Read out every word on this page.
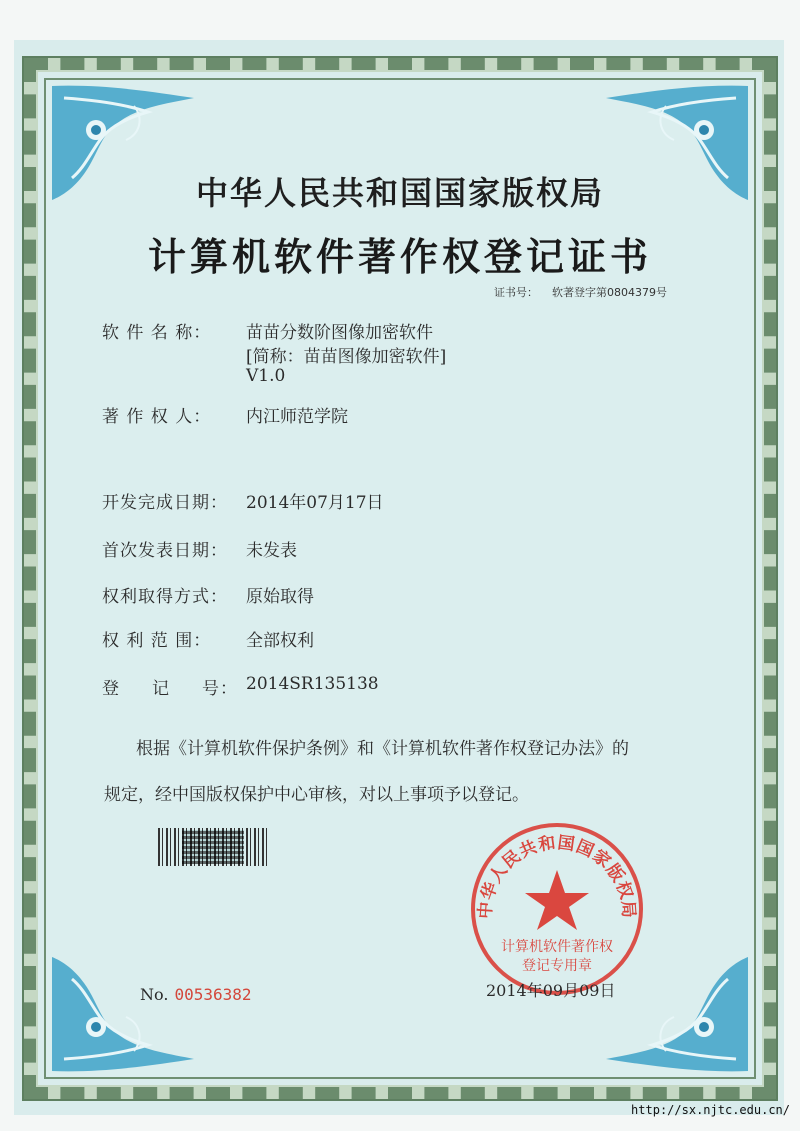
中华人民共和国国家版权局
计算机软件著作权登记证书
证书号： 软著登字第0804379号
软 件 名 称： 苗苗分数阶图像加密软件
[简称：苗苗图像加密软件]
V1.0
著 作 权 人： 内江师范学院
开发完成日期： 2014年07月17日
首次发表日期： 未发表
权利取得方式： 原始取得
权 利 范 围： 全部权利
登     记     号： 2014SR135138
根据《计算机软件保护条例》和《计算机软件著作权登记办法》的
规定，经中国版权保护中心审核，对以上事项予以登记。
中华人民共和国国家版权局
计算机软件著作权
登记专用章
No. 00536382	2014年09月09日
http://sx.njtc.edu.cn/
